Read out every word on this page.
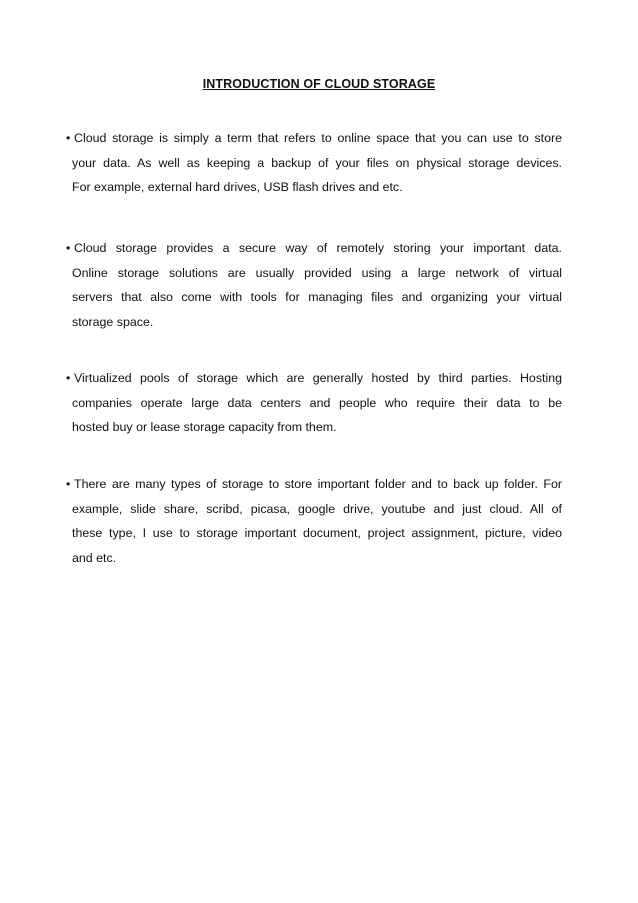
INTRODUCTION OF CLOUD STORAGE
• Cloud storage is simply a term that refers to online space that you can use to store
your data. As well as keeping a backup of your files on physical storage devices.
For example, external hard drives, USB flash drives and etc.
• Cloud storage provides a secure way of remotely storing your important data.
Online storage solutions are usually provided using a large network of virtual
servers that also come with tools for managing files and organizing your virtual
storage space.
• Virtualized pools of storage which are generally hosted by third parties. Hosting
companies operate large data centers and people who require their data to be
hosted buy or lease storage capacity from them.
• There are many types of storage to store important folder and to back up folder. For
example, slide share, scribd, picasa, google drive, youtube and just cloud. All of
these type, I use to storage important document, project assignment, picture, video
and etc.
